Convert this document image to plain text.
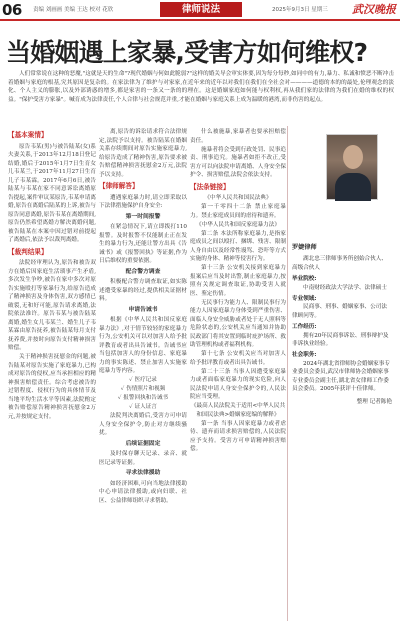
06 责编 刘画画 美编 王达 校对 花欣	律师说法	2025年9月3日 星期三 武汉晚报
当婚姻遇上家暴,受害方如何维权?
人们常常说在这种的恶魔,"这就是天的生命"?现代婚姻与何如此脆弱?"这样的婚关导会审实体要,因为每分每秒,如同中的有力,暴力、私诚和愤恶不断冲击着婚姻与家庭的根基,究其原因是复杂的。在家法律为了维护与对家家,在近年来的近年以对我们在我们在全社会对————道德的本的的最处,伦理观念的淡化、个人主义的膨胀,以及外部诱惑的增多,都是家害的一条又一条的的理在。这是婚姻家庭如何能与权利权,再从我们家的法律的为我们在婚的维权的权益。"保护受害方家暴"。喊育成为法律责任,个人合律与社会规范并重,才能在婚姻与家庭关系上成为温暖的港湾,而非伤害的起点。
【基本案情】

原告韦某(男)与被告陆某(女)系夫妻关系,于2013年12月18日登记结婚,婚后于2015年1月7日生育女儿韦某兰,于2017年11月27日生育儿子韦某霖。2017年6月6日,被告陆某与韦某在家不同意诉讼离婚原告提起,案件审议某原告,韦某申请离婚,原告在离婚后陆某的上诉,被告与原告同意离婚,原告韦某在离婚期间,原告仍然希望离婚方解决离婚问题,被告陆某在本案中因过错对前提起了离婚后,依法予以裁判离婚。

【裁判结果】

法院经审理认为,原告和被告双方在婚后因家庭生活琐事产生矛盾,多次发生争吵,被告在家中多次对原告实施殴打等家暴行为,给原告造成了精神损害及身体伤害,双方感情已破裂,无和好可能,原告请求离婚,法院依法准许。原告韦某与被告陆某离婚,婚生女儿韦某兰、婚生儿子韦某霖由原告抚养,被告陆某每月支付抚养费,并按时向原告支付精神损害赔偿。

关于精神损害抚慰金的问题,被告陆某对原告实施了家庭暴力,已构成对原告的侵权,应当承担相应的精神损害赔偿责任。综合考虑被告的过错程度、侵权行为的具体情节及当地平均生活水平等因素,法院酌定被告赔偿原告精神损害抚慰金2万元,并按规定支付。

离,原告的诉讼请求符合法律规定,法院予以支持。被告陆某在婚姻关系存续期间对原告实施家庭暴力,给原告造成了精神伤害,原告要求被告赔偿精神损害抚慰金2万元,法院予以支持。

【律师解答】

遭遇家庭暴力时,请立即采取以下法律措施保护自身安全:

第一时间报警

在紧急情况下,请立即拨打110报警。及时报警不仅能制止正在发生的暴力行为,还能让警方出具《告诫书》或《报警回执》等证据,作为日后维权的重要依据。

配合警方调查

积极配合警方调查取证,如实陈述遭受家暴的经过,提供相关证据材料。

申请告诫书

根据《中华人民共和国反家庭暴力法》,对于情节较轻的家庭暴力行为,公安机关可以对加害人给予批评教育或者出具告诫书。告诫书应当包括加害人的身份信息、家庭暴力的事实陈述、禁止加害人实施家庭暴力等内容。

✓ 医疗记录

✓ 伤情照片和视频

✓ 报警回执和告诫书

✓ 证人证言

法院判决离婚后,受害方可申请人身安全保护令,防止对方继续骚扰。

后续证据固定

及时保存聊天记录、录音、就医记录等证据。

寻求法律援助

如经济困难,可向当地法律援助中心申请法律援助,或向妇联、社区、公益律师组织寻求帮助。

什么被施暴,家暴者也要承担赔偿责任。

施暴者将会受到行政处罚、民事追责、刑事追究。施暴者如拒不改正,受害方可以向法院申请离婚、人身安全保护令、损害赔偿,法院会依法支持。

【法条链接】

《中华人民共和国民法典》

第一千零四十二条 禁止家庭暴力。禁止家庭成员间的虐待和遗弃。

《中华人民共和国反家庭暴力法》

第二条 本法所称家庭暴力,是指家庭成员之间以殴打、捆绑、残害、限制人身自由以及经常性谩骂、恐吓等方式实施的身体、精神等侵害行为。

第十三条 公安机关接到家庭暴力报案后应当及时出警,制止家庭暴力,按照有关规定调查取证,协助受害人就医、鉴定伤情。

无民事行为能力人、限制民事行为能力人因家庭暴力身体受到严重伤害、面临人身安全威胁或者处于无人照料等危险状态的,公安机关应当通知并协助民政部门将其安置到临时庇护场所、救助管理机构或者福利机构。

第十七条 公安机关应当对加害人给予批评教育或者出具告诫书。

第二十三条 当事人因遭受家庭暴力或者面临家庭暴力的现实危险,向人民法院申请人身安全保护令的,人民法院应当受理。

《最高人民法院关于适用<中华人民共和国民法典>婚姻家庭编的解释》

第一条 当事人因家庭暴力或者虐待、遗弃而请求损害赔偿的,人民法院应予支持。受害方可申请精神损害赔偿。

罗婕律师

湖北忠三律师事务所创始合伙人、高级合伙人

毕业院校:

中南财经政法大学法学、法律硕士

专业领域:

民商事、刑事、婚姻家事、公司法律顾问等。

工作经历:

拥有20年民商事诉讼、刑事辩护及非诉执业经验。

社会职务:

2024年湖北省律师协会婚姻家事专业委员会委员,武汉市律师协会婚姻家事专业委员会副主任,湖北省女律师工作委员会委员。2005年获评十佳律师。

整理 记者陈艳
